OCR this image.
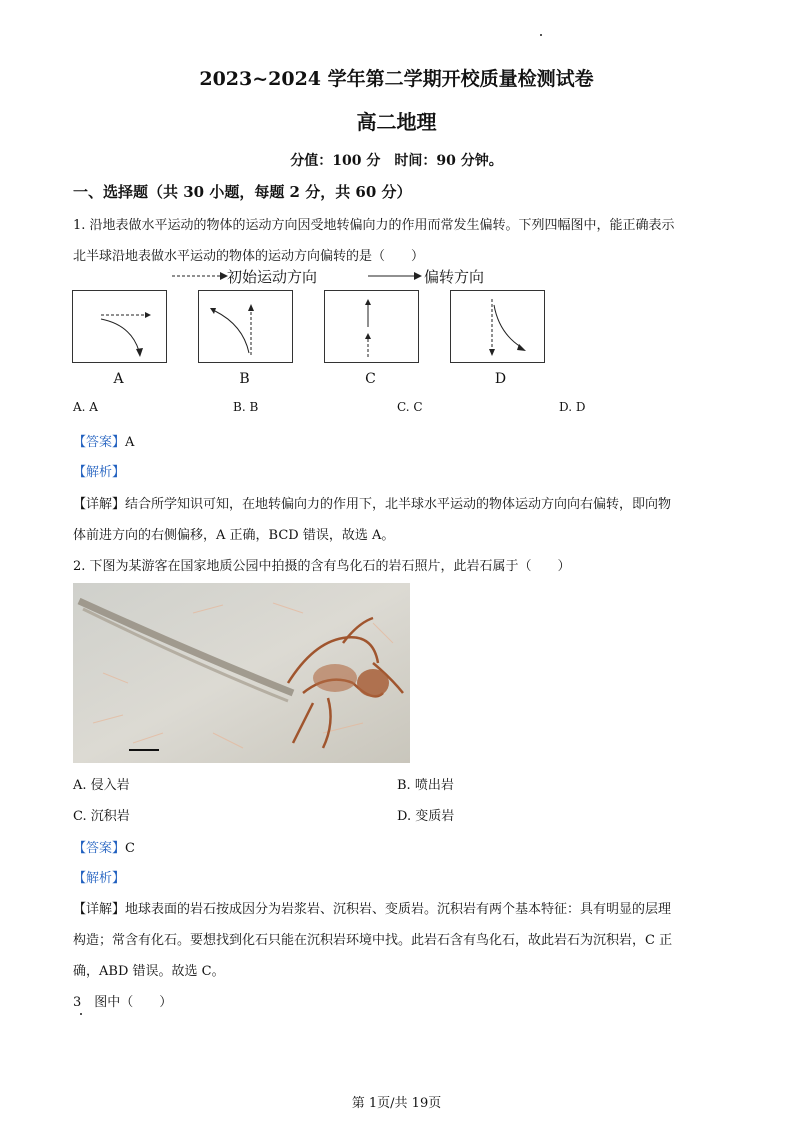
2023~2024 学年第二学期开校质量检测试卷
高二地理
分值：100 分　时间：90 分钟。
一、选择题（共 30 小题，每题 2 分，共 60 分）
1. 沿地表做水平运动的物体的运动方向因受地转偏向力的作用而常发生偏转。下列四幅图中，能正确表示
北半球沿地表做水平运动的物体的运动方向偏转的是（　　）
初始运动方向	偏转方向
A	B	C	D
A. A	B. B	C. C	D. D
【答案】A
【解析】
【详解】结合所学知识可知，在地转偏向力的作用下，北半球水平运动的物体运动方向向右偏转，即向物
体前进方向的右侧偏移，A 正确，BCD 错误，故选 A。
2. 下图为某游客在国家地质公园中拍摄的含有鸟化石的岩石照片，此岩石属于（　　）
A. 侵入岩	B. 喷出岩
C. 沉积岩	D. 变质岩
【答案】C
【解析】
【详解】地球表面的岩石按成因分为岩浆岩、沉积岩、变质岩。沉积岩有两个基本特征：具有明显的层理
构造；常含有化石。要想找到化石只能在沉积岩环境中找。此岩石含有鸟化石，故此岩石为沉积岩，C 正
确，ABD 错误。故选 C。
3　图中（　　）
第 1页/共 19页
